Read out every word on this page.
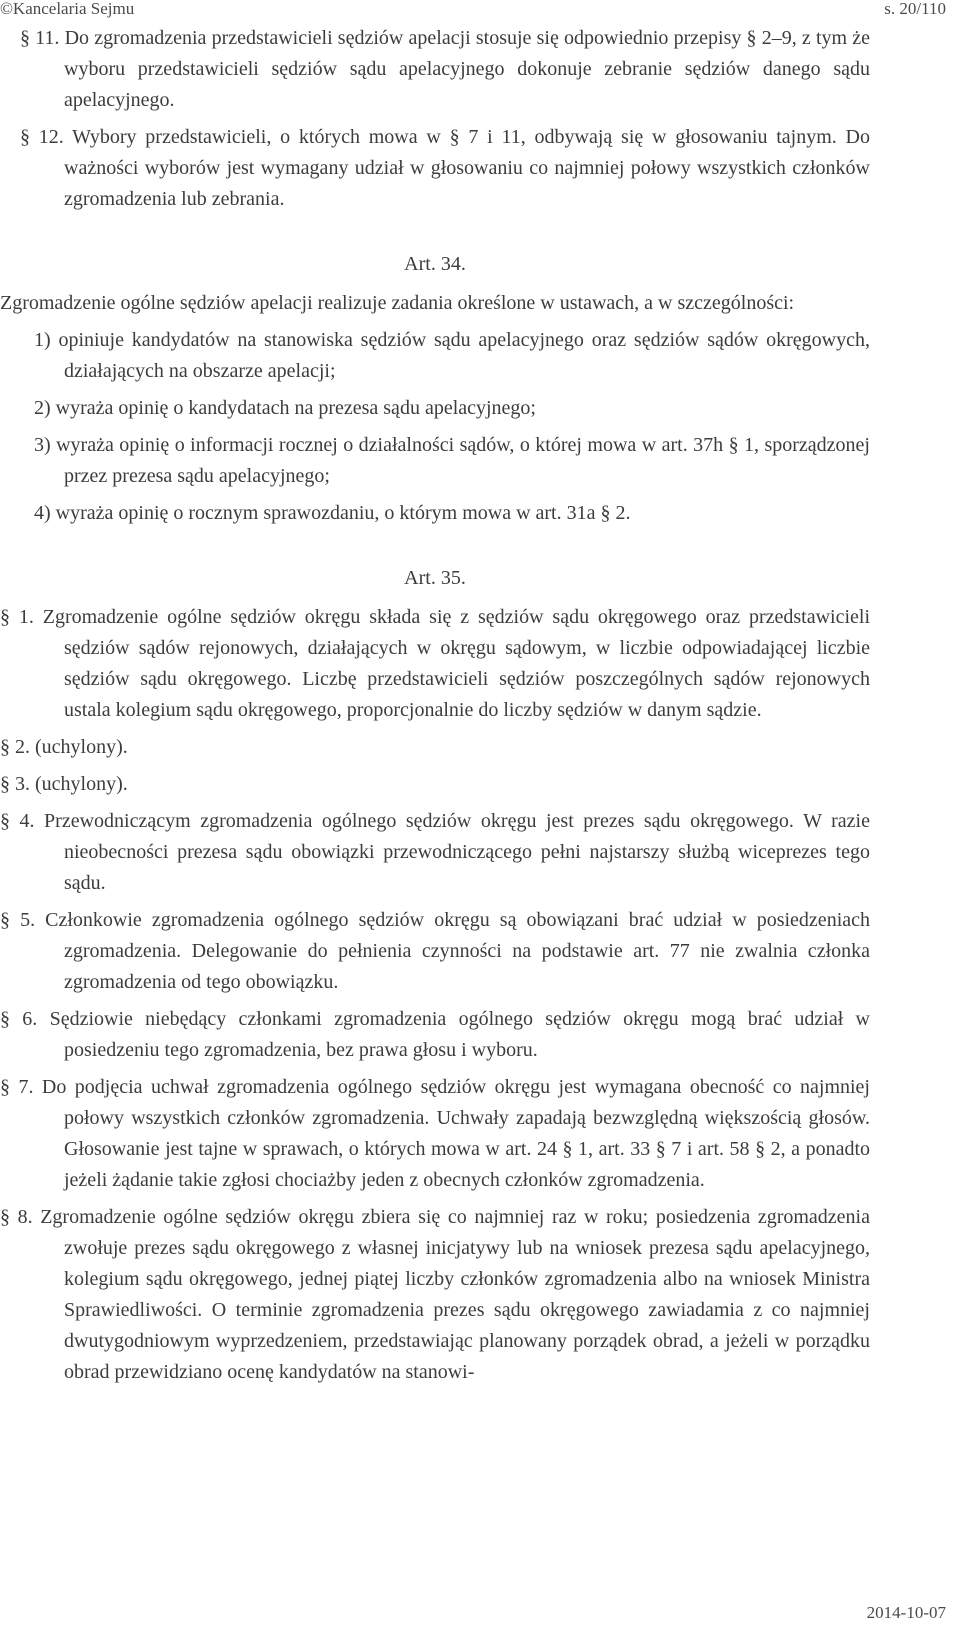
©Kancelaria Sejmu	s. 20/110

§ 11. Do zgromadzenia przedstawicieli sędziów apelacji stosuje się odpowiednio przepisy § 2–9, z tym że wyboru przedstawicieli sędziów sądu apelacyjnego dokonuje zebranie sędziów danego sądu apelacyjnego.

§ 12. Wybory przedstawicieli, o których mowa w § 7 i 11, odbywają się w głosowaniu tajnym. Do ważności wyborów jest wymagany udział w głosowaniu co najmniej połowy wszystkich członków zgromadzenia lub zebrania.

Art. 34.

Zgromadzenie ogólne sędziów apelacji realizuje zadania określone w ustawach, a w szczególności:

1) opiniuje kandydatów na stanowiska sędziów sądu apelacyjnego oraz sędziów sądów okręgowych, działających na obszarze apelacji;

2) wyraża opinię o kandydatach na prezesa sądu apelacyjnego;

3) wyraża opinię o informacji rocznej o działalności sądów, o której mowa w art. 37h § 1, sporządzonej przez prezesa sądu apelacyjnego;

4) wyraża opinię o rocznym sprawozdaniu, o którym mowa w art. 31a § 2.

Art. 35.

§ 1. Zgromadzenie ogólne sędziów okręgu składa się z sędziów sądu okręgowego oraz przedstawicieli sędziów sądów rejonowych, działających w okręgu sądowym, w liczbie odpowiadającej liczbie sędziów sądu okręgowego. Liczbę przedstawicieli sędziów poszczególnych sądów rejonowych ustala kolegium sądu okręgowego, proporcjonalnie do liczby sędziów w danym sądzie.

§ 2. (uchylony).

§ 3. (uchylony).

§ 4. Przewodniczącym zgromadzenia ogólnego sędziów okręgu jest prezes sądu okręgowego. W razie nieobecności prezesa sądu obowiązki przewodniczącego pełni najstarszy służbą wiceprezes tego sądu.

§ 5. Członkowie zgromadzenia ogólnego sędziów okręgu są obowiązani brać udział w posiedzeniach zgromadzenia. Delegowanie do pełnienia czynności na podstawie art. 77 nie zwalnia członka zgromadzenia od tego obowiązku.

§ 6. Sędziowie niebędący członkami zgromadzenia ogólnego sędziów okręgu mogą brać udział w posiedzeniu tego zgromadzenia, bez prawa głosu i wyboru.

§ 7. Do podjęcia uchwał zgromadzenia ogólnego sędziów okręgu jest wymagana obecność co najmniej połowy wszystkich członków zgromadzenia. Uchwały zapadają bezwzględną większością głosów. Głosowanie jest tajne w sprawach, o których mowa w art. 24 § 1, art. 33 § 7 i art. 58 § 2, a ponadto jeżeli żądanie takie zgłosi chociażby jeden z obecnych członków zgromadzenia.

§ 8. Zgromadzenie ogólne sędziów okręgu zbiera się co najmniej raz w roku; posiedzenia zgromadzenia zwołuje prezes sądu okręgowego z własnej inicjatywy lub na wniosek prezesa sądu apelacyjnego, kolegium sądu okręgowego, jednej piątej liczby członków zgromadzenia albo na wniosek Ministra Sprawiedliwości. O terminie zgromadzenia prezes sądu okręgowego zawiadamia z co najmniej dwutygodniowym wyprzedzeniem, przedstawiając planowany porządek obrad, a jeżeli w porządku obrad przewidziano ocenę kandydatów na stanowi-

2014-10-07
